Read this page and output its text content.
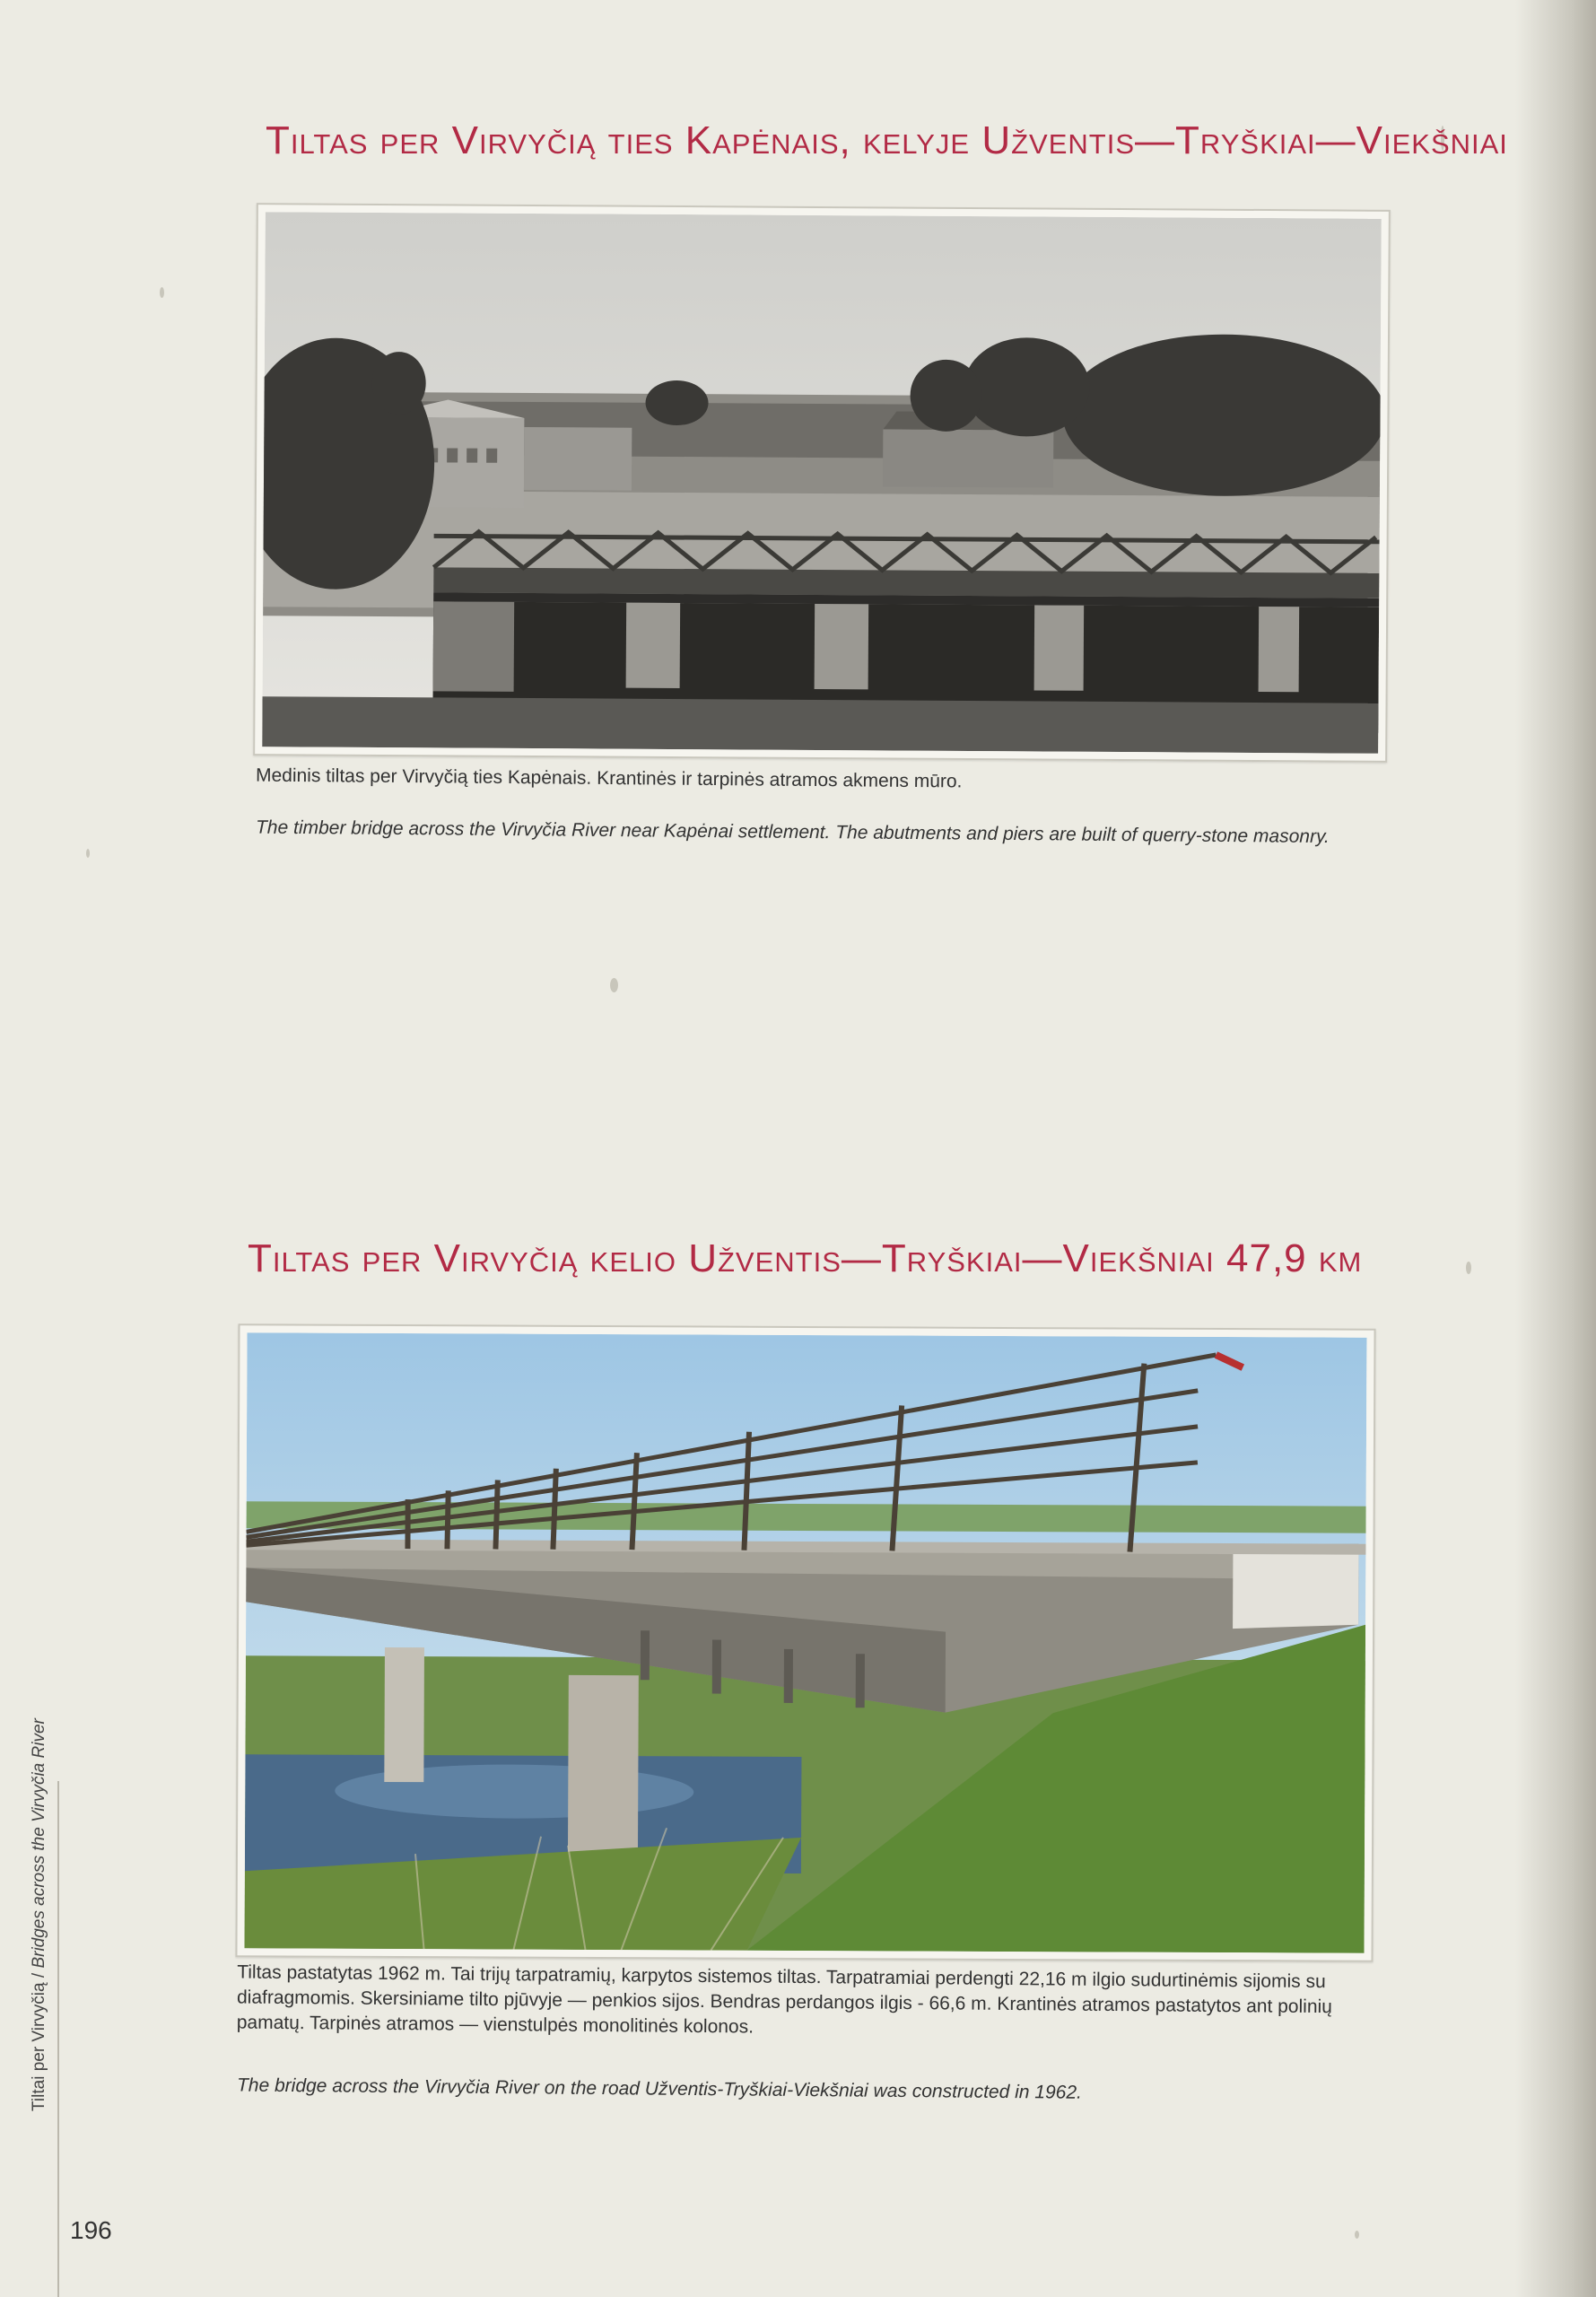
Tiltas per Virvyčią ties Kapėnais, kelyje Užventis—Tryškiai—Viekšniai

Medinis tiltas per Virvyčią ties Kapėnais. Krantinės ir tarpinės atramos akmens mūro.

The timber bridge across the Virvyčia River near Kapėnai settlement. The abutments and piers are built of querry-stone masonry.

Tiltas per Virvyčią kelio Užventis—Tryškiai—Viekšniai 47,9 km

Tiltas pastatytas 1962 m. Tai trijų tarpatramių, karpytos sistemos tiltas. Tarpatramiai perdengti 22,16 m ilgio sudurtinėmis sijomis su diafragmomis. Skersiniame tilto pjūvyje — penkios sijos. Bendras perdangos ilgis - 66,6 m. Krantinės atramos pastatytos ant polinių pamatų. Tarpinės atramos — vienstulpės monolitinės kolonos.

The bridge across the Virvyčia River on the road Užventis-Tryškiai-Viekšniai was constructed in 1962.

Tiltai per Virvyčią / Bridges across the Virvyčia River
196
